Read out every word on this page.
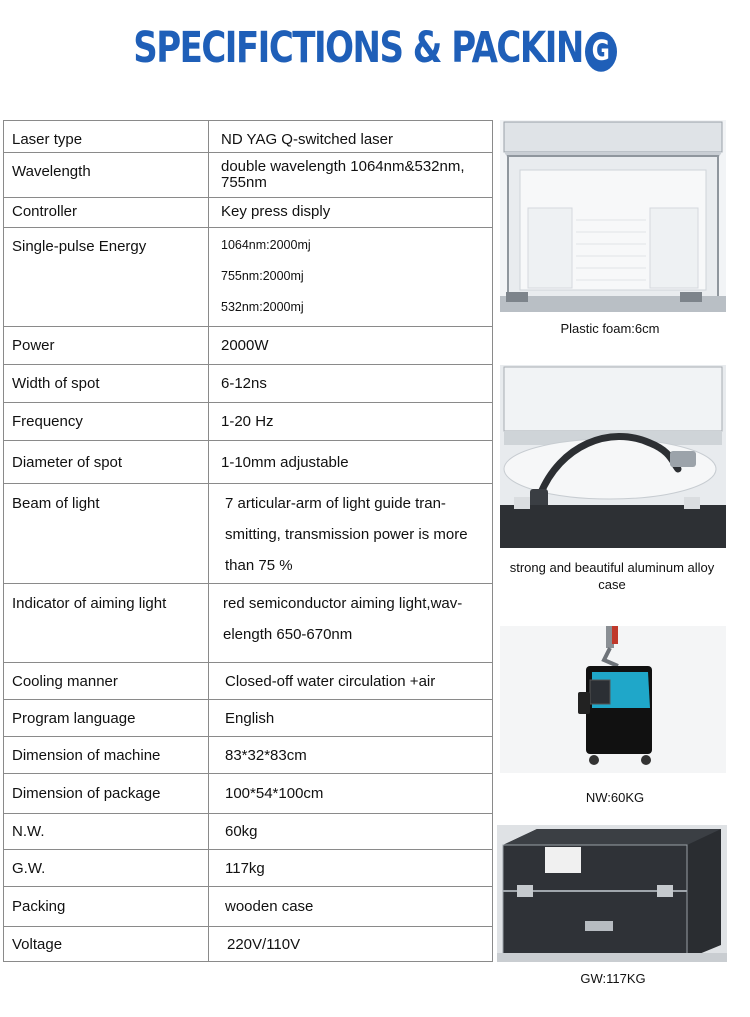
SPECIFICTIONS & PACKIN G
Laser type	ND YAG Q-switched laser
Wavelength	double wavelength 1064nm&532nm, 755nm
Controller	Key press disply
Single-pulse Energy	1064nm:2000mj
755nm:2000mj
532nm:2000mj

Power	2000W
Width of spot	6-12ns
Frequency	1-20 Hz
Diameter of spot	1-10mm adjustable
Beam of light	7 articular-arm of light guide tran-smitting, transmission power is more than 75 %
Indicator of aiming light	red semiconductor aiming light,wav-elength 650-670nm
Cooling manner	Closed-off water circulation +air
Program language	English
Dimension of machine	83*32*83cm
Dimension of package	100*54*100cm
N.W.	60kg
G.W.	117kg
Packing	wooden case
Voltage	220V/110V
Plastic foam:6cm
strong and beautiful aluminum alloy case
NW:60KG
GW:117KG
